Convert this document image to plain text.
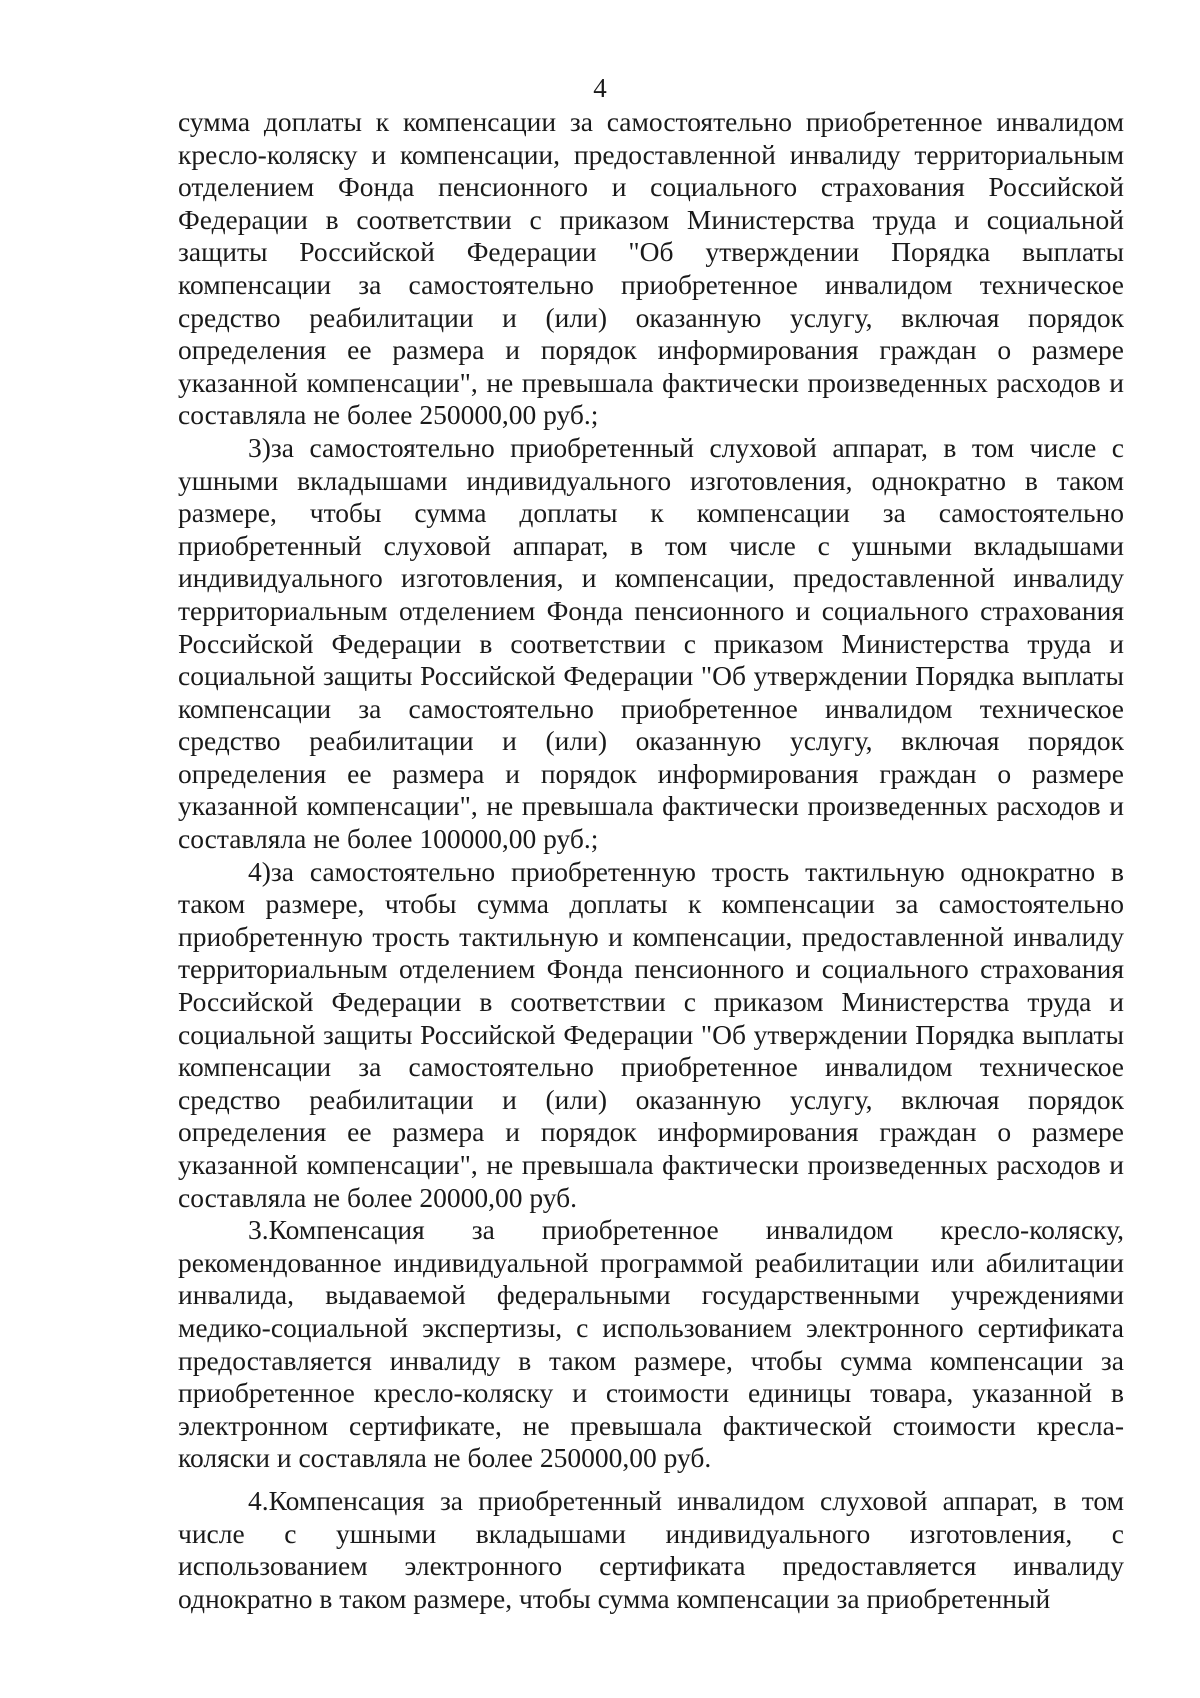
4

сумма доплаты к компенсации за самостоятельно приобретенное инвалидом кресло-коляску и компенсации, предоставленной инвалиду территориальным отделением Фонда пенсионного и социального страхования Российской Федерации в соответствии с приказом Министерства труда и социальной защиты Российской Федерации "Об утверждении Порядка выплаты компенсации за самостоятельно приобретенное инвалидом техническое средство реабилитации и (или) оказанную услугу, включая порядок определения ее размера и порядок информирования граждан о размере указанной компенсации", не превышала фактически произведенных расходов и составляла не более 250000,00 руб.;

3)за самостоятельно приобретенный слуховой аппарат, в том числе с ушными вкладышами индивидуального изготовления, однократно в таком размере, чтобы сумма доплаты к компенсации за самостоятельно приобретенный слуховой аппарат, в том числе с ушными вкладышами индивидуального изготовления, и компенсации, предоставленной инвалиду территориальным отделением Фонда пенсионного и социального страхования Российской Федерации в соответствии с приказом Министерства труда и социальной защиты Российской Федерации "Об утверждении Порядка выплаты компенсации за самостоятельно приобретенное инвалидом техническое средство реабилитации и (или) оказанную услугу, включая порядок определения ее размера и порядок информирования граждан о размере указанной компенсации", не превышала фактически произведенных расходов и составляла не более 100000,00 руб.;

4)за самостоятельно приобретенную трость тактильную однократно в таком размере, чтобы сумма доплаты к компенсации за самостоятельно приобретенную трость тактильную и компенсации, предоставленной инвалиду территориальным отделением Фонда пенсионного и социального страхования Российской Федерации в соответствии с приказом Министерства труда и социальной защиты Российской Федерации "Об утверждении Порядка выплаты компенсации за самостоятельно приобретенное инвалидом техническое средство реабилитации и (или) оказанную услугу, включая порядок определения ее размера и порядок информирования граждан о размере указанной компенсации", не превышала фактически произведенных расходов и составляла не более 20000,00 руб.

3.Компенсация за приобретенное инвалидом кресло-коляску, рекомендованное индивидуальной программой реабилитации или абилитации инвалида, выдаваемой федеральными государственными учреждениями медико-социальной экспертизы, с использованием электронного сертификата предоставляется инвалиду в таком размере, чтобы сумма компенсации за приобретенное кресло-коляску и стоимости единицы товара, указанной в электронном сертификате, не превышала фактической стоимости кресла-коляски и составляла не более 250000,00 руб.

4.Компенсация за приобретенный инвалидом слуховой аппарат, в том числе с ушными вкладышами индивидуального изготовления, с использованием электронного сертификата предоставляется инвалиду однократно в таком размере, чтобы сумма компенсации за приобретенный
